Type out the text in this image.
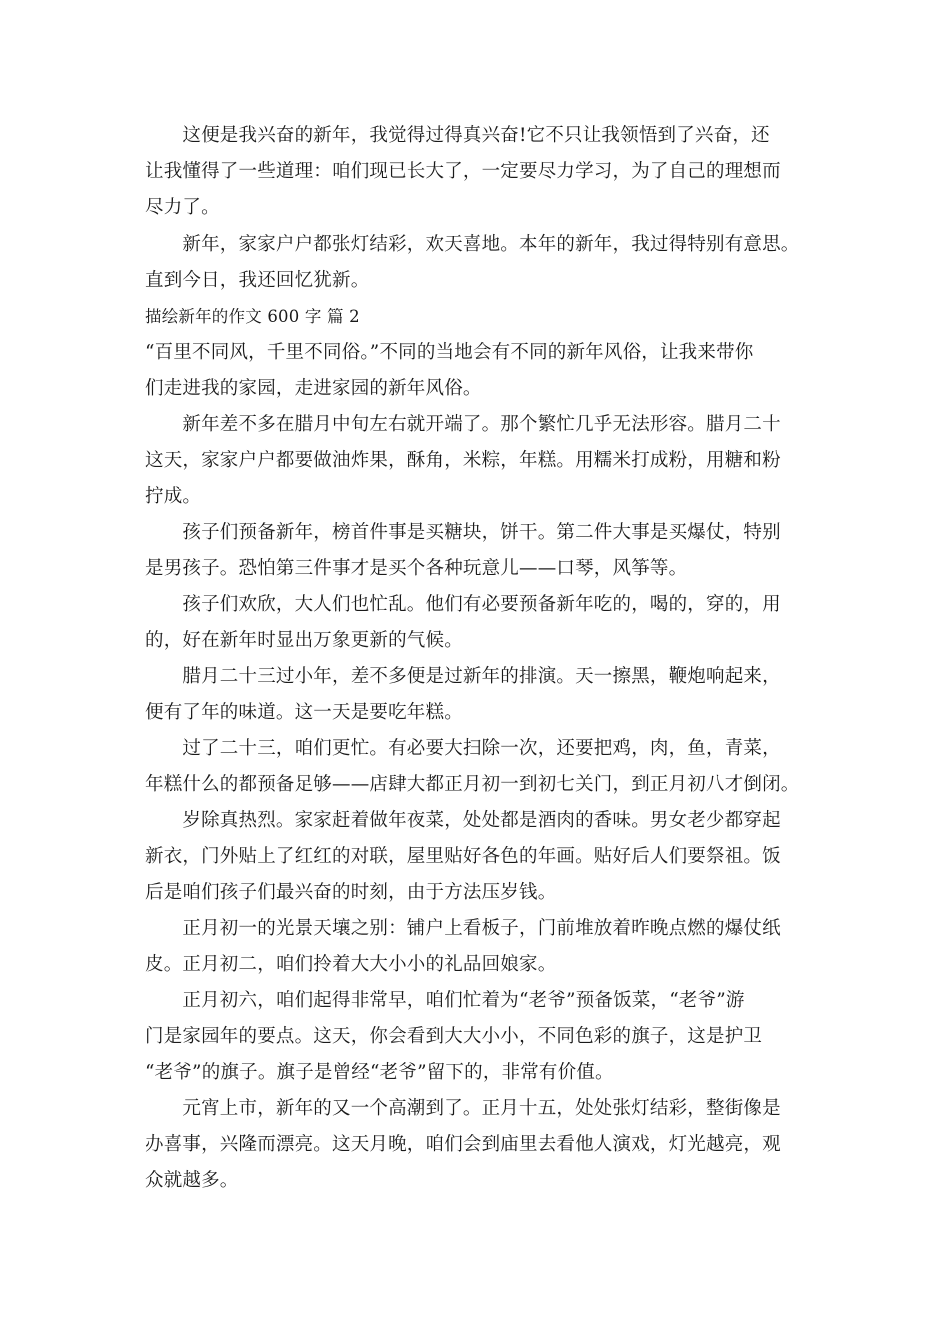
　　这便是我兴奋的新年，我觉得过得真兴奋!它不只让我领悟到了兴奋，还
让我懂得了一些道理：咱们现已长大了，一定要尽力学习，为了自己的理想而
尽力了。
　　新年，家家户户都张灯结彩，欢天喜地。本年的新年，我过得特别有意思。
直到今日，我还回忆犹新。
描绘新年的作文 600 字 篇 2
“百里不同风，千里不同俗。”不同的当地会有不同的新年风俗，让我来带你
们走进我的家园，走进家园的新年风俗。
　　新年差不多在腊月中旬左右就开端了。那个繁忙几乎无法形容。腊月二十
这天，家家户户都要做油炸果，酥角，米粽，年糕。用糯米打成粉，用糖和粉
拧成。
　　孩子们预备新年，榜首件事是买糖块，饼干。第二件大事是买爆仗，特别
是男孩子。恐怕第三件事才是买个各种玩意儿——口琴，风筝等。
　　孩子们欢欣，大人们也忙乱。他们有必要预备新年吃的，喝的，穿的，用
的，好在新年时显出万象更新的气候。
　　腊月二十三过小年，差不多便是过新年的排演。天一擦黑，鞭炮响起来，
便有了年的味道。这一天是要吃年糕。
　　过了二十三，咱们更忙。有必要大扫除一次，还要把鸡，肉，鱼，青菜，
年糕什么的都预备足够——店肆大都正月初一到初七关门，到正月初八才倒闭。
　　岁除真热烈。家家赶着做年夜菜，处处都是酒肉的香味。男女老少都穿起
新衣，门外贴上了红红的对联，屋里贴好各色的年画。贴好后人们要祭祖。饭
后是咱们孩子们最兴奋的时刻，由于方法压岁钱。
　　正月初一的光景天壤之别：铺户上看板子，门前堆放着昨晚点燃的爆仗纸
皮。正月初二，咱们拎着大大小小的礼品回娘家。
　　正月初六，咱们起得非常早，咱们忙着为“老爷”预备饭菜，“老爷”游
门是家园年的要点。这天，你会看到大大小小，不同色彩的旗子，这是护卫
“老爷”的旗子。旗子是曾经“老爷”留下的，非常有价值。
　　元宵上市，新年的又一个高潮到了。正月十五，处处张灯结彩，整街像是
办喜事，兴隆而漂亮。这天月晚，咱们会到庙里去看他人演戏，灯光越亮，观
众就越多。
